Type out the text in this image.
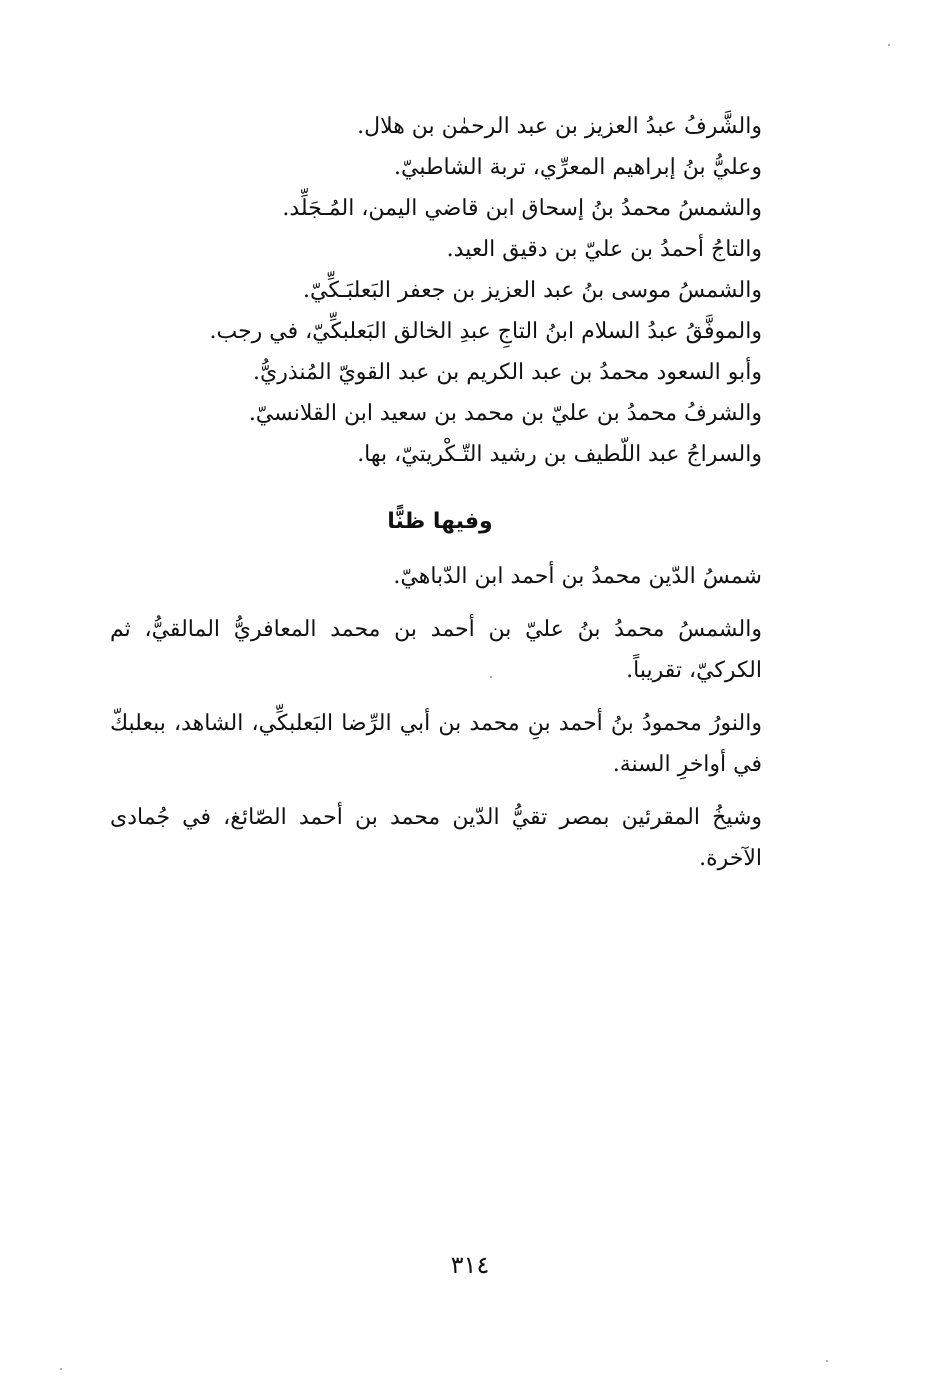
والشَّرفُ عبدُ العزيز بن عبد الرحمٰن بن هلال.
وعليُّ بنُ إبراهيم المعرِّي، تربة الشاطبيّ.
والشمسُ محمدُ بنُ إسحاق ابن قاضي اليمن، المُـجَلِّد.
والتاجُ أحمدُ بن عليّ بن دقيق العيد.
والشمسُ موسى بنُ عبد العزيز بن جعفر البَعلبَـكِّيّ.
والموفَّقُ عبدُ السلام ابنُ التاجِ عبدِ الخالق البَعلبكِّيّ، في رجب.
وأبو السعود محمدُ بن عبد الكريم بن عبد القويّ المُنذريُّ.
والشرفُ محمدُ بن عليّ بن محمد بن سعيد ابن القلانسيّ.
والسراجُ عبد اللّطيف بن رشيد التّـكْريتيّ، بها.
وفيها ظنًّا
شمسُ الدّين محمدُ بن أحمد ابن الدّباهيّ.
والشمسُ محمدُ بنُ عليّ بن أحمد بن محمد المعافريُّ المالقيُّ، ثم الكركيّ، تقريباً.
والنورُ محمودُ بنُ أحمد بنِ محمد بن أبي الرِّضا البَعلبكِّي، الشاهد، ببعلبكّ في أواخرِ السنة.
وشيخُ المقرئين بمصر تقيُّ الدّين محمد بن أحمد الصّائغ، في جُمادى الآخرة.
٣١٤
